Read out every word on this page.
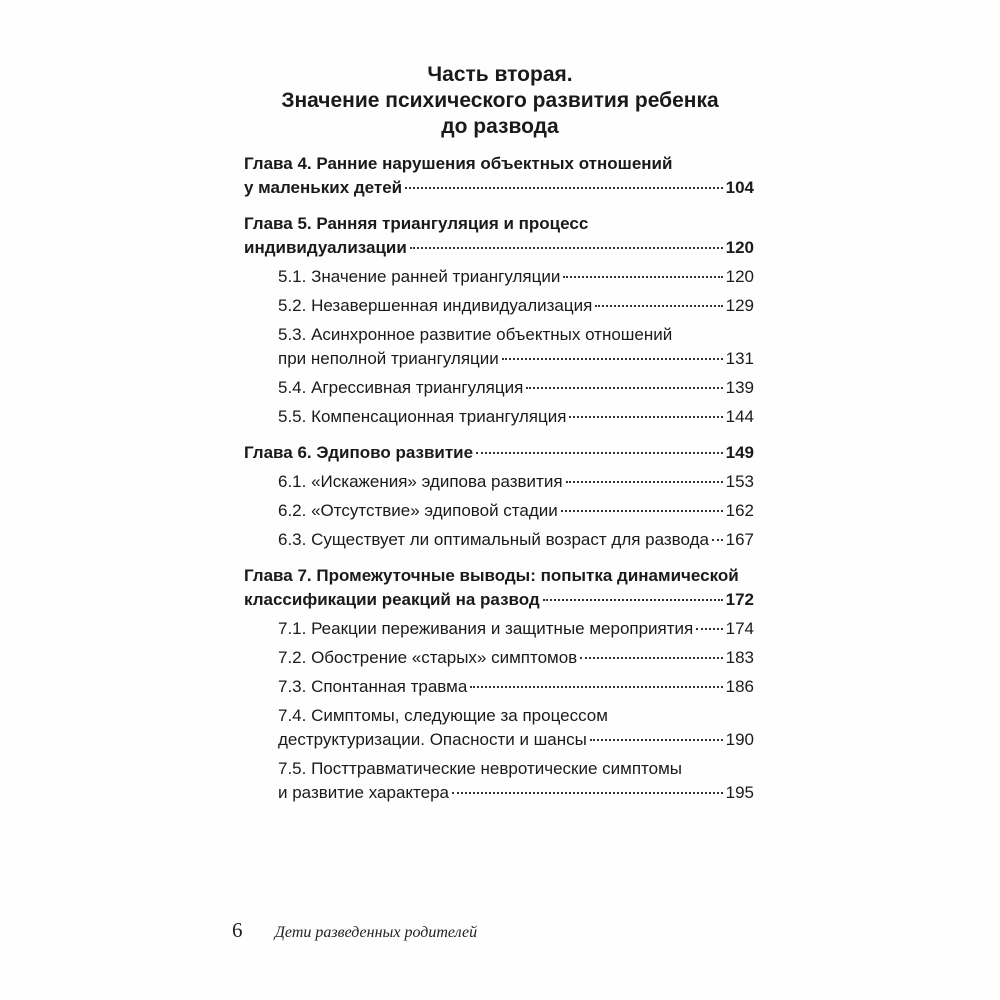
Часть вторая.
Значение психического развития ребенка
до развода
Глава 4. Ранние нарушения объектных отношений
у маленьких детей	104
Глава 5. Ранняя триангуляция и процесс
индивидуализации	120
5.1. Значение ранней триангуляции	120
5.2. Незавершенная индивидуализация	129
5.3. Асинхронное развитие объектных отношений
при неполной триангуляции	131
5.4. Агрессивная триангуляция	139
5.5. Компенсационная триангуляция	144
Глава 6. Эдипово развитие	149
6.1. «Искажения» эдипова развития	153
6.2. «Отсутствие» эдиповой стадии	162
6.3. Существует ли оптимальный возраст для развода 167
Глава 7. Промежуточные выводы: попытка динамической
классификации реакций на развод	172
7.1. Реакции переживания и защитные мероприятия 174
7.2. Обострение «старых» симптомов	183
7.3. Спонтанная травма	186
7.4. Симптомы, следующие за процессом
деструктуризации. Опасности и шансы	190
7.5. Посттравматические невротические симптомы
и развитие характера	195
6 Дети разведенных родителей
